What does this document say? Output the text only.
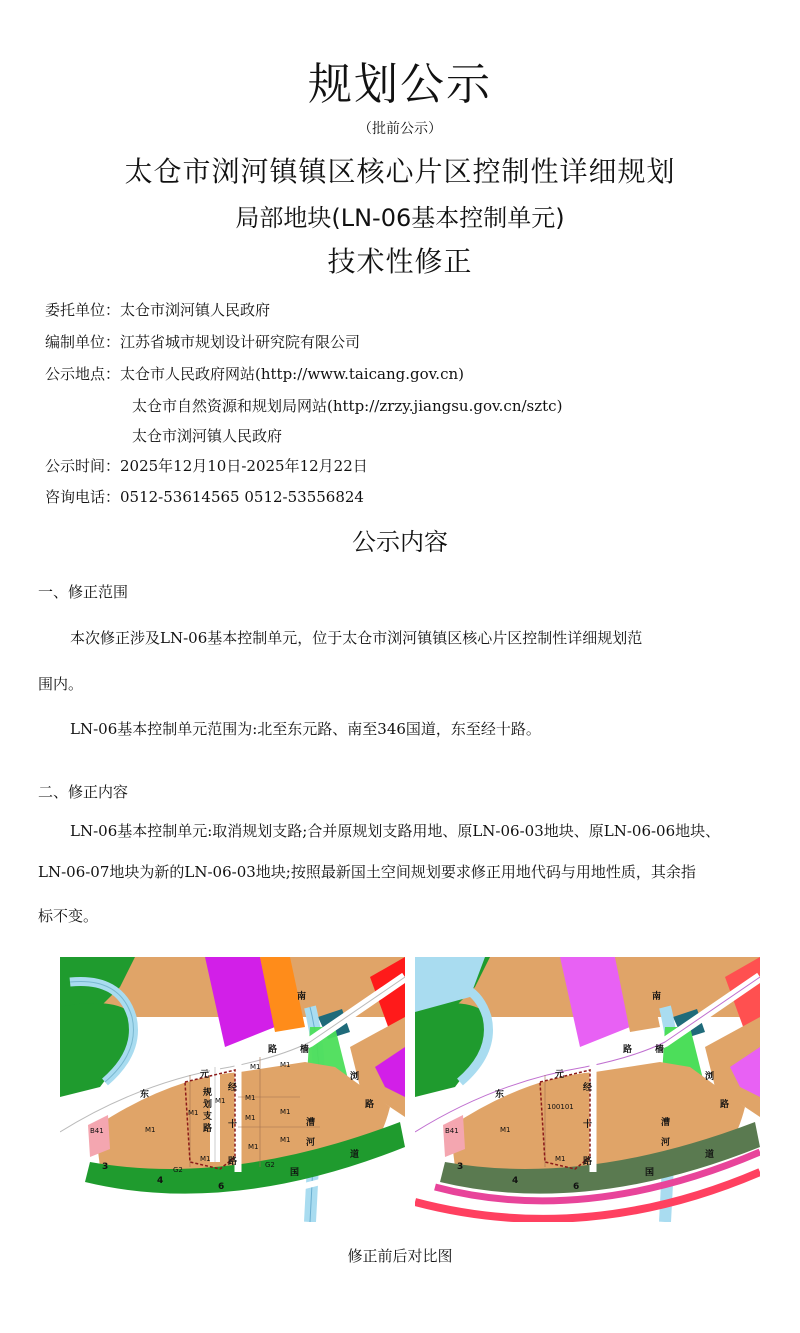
规划公示
（批前公示）
太仓市浏河镇镇区核心片区控制性详细规划
局部地块(LN-06基本控制单元)
技术性修正
委托单位：太仓市浏河镇人民政府
编制单位：江苏省城市规划设计研究院有限公司
公示地点：太仓市人民政府网站(http://www.taicang.gov.cn)
太仓市自然资源和规划局网站(http://zrzy.jiangsu.gov.cn/sztc)
太仓市浏河镇人民政府
公示时间：2025年12月10日-2025年12月22日
咨询电话：0512-53614565 0512-53556824
公示内容
一、修正范围
本次修正涉及LN-06基本控制单元，位于太仓市浏河镇镇区核心片区控制性详细规划范
围内。
LN-06基本控制单元范围为:北至东元路、南至346国道，东至经十路。
二、修正内容
LN-06基本控制单元:取消规划支路;合并原规划支路用地、原LN-06-03地块、原LN-06-06地块、
LN-06-07地块为新的LN-06-03地块;按照最新国土空间规划要求修正用地代码与用地性质，其余指
标不变。
M1	M1
M1
M1
M1
M1
M1
M1
M1
M1
M1
B41
G2
G2
东
元
路
规
划
支
路
经
十
路
南
樯
漕
河
浏
路
国
道
3
4
6
100101
M1
M1
B41
东
元
路
经
十
路
南
樯
漕
河
浏
路
国
道
3
4
6
修正前后对比图
